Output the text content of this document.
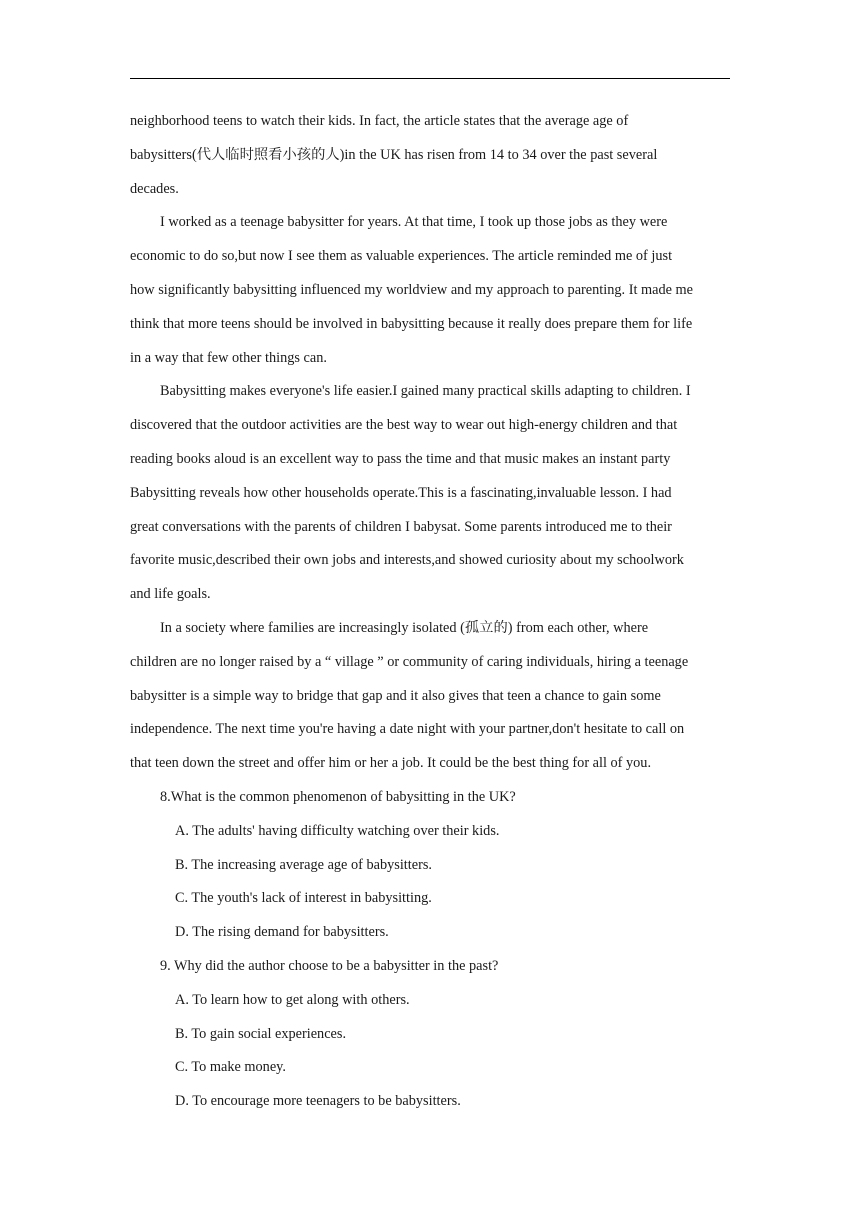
neighborhood teens to watch their kids. In fact, the article states that the average age of
babysitters(代人临时照看小孩的人)in the UK has risen from 14 to 34 over the past several
decades.

I worked as a teenage babysitter for years. At that time, I took up those jobs as they were
economic to do so,but now I see them as valuable experiences. The article reminded me of just
how significantly babysitting influenced my worldview and my approach to parenting. It made me
think that more teens should be involved in babysitting because it really does prepare them for life
in a way that few other things can.

Babysitting makes everyone's life easier.I gained many practical skills adapting to children. I
discovered that the outdoor activities are the best way to wear out high-energy children and that
reading books aloud is an excellent way to pass the time and that music makes an instant party
Babysitting reveals how other households operate.This is a fascinating,invaluable lesson. I had
great conversations with the parents of children I babysat. Some parents introduced me to their
favorite music,described their own jobs and interests,and showed curiosity about my schoolwork
and life goals.

In a society where families are increasingly isolated (孤立的) from each other, where
children are no longer raised by a “ village ” or community of caring individuals, hiring a teenage
babysitter is a simple way to bridge that gap and it also gives that teen a chance to gain some
independence. The next time you're having a date night with your partner,don't hesitate to call on
that teen down the street and offer him or her a job. It could be the best thing for all of you.

8.What is the common phenomenon of babysitting in the UK?

A. The adults' having difficulty watching over their kids.

B. The increasing average age of babysitters.

C. The youth's lack of interest in babysitting.

D. The rising demand for babysitters.

9. Why did the author choose to be a babysitter in the past?

A. To learn how to get along with others.

B. To gain social experiences.

C. To make money.

D. To encourage more teenagers to be babysitters.
